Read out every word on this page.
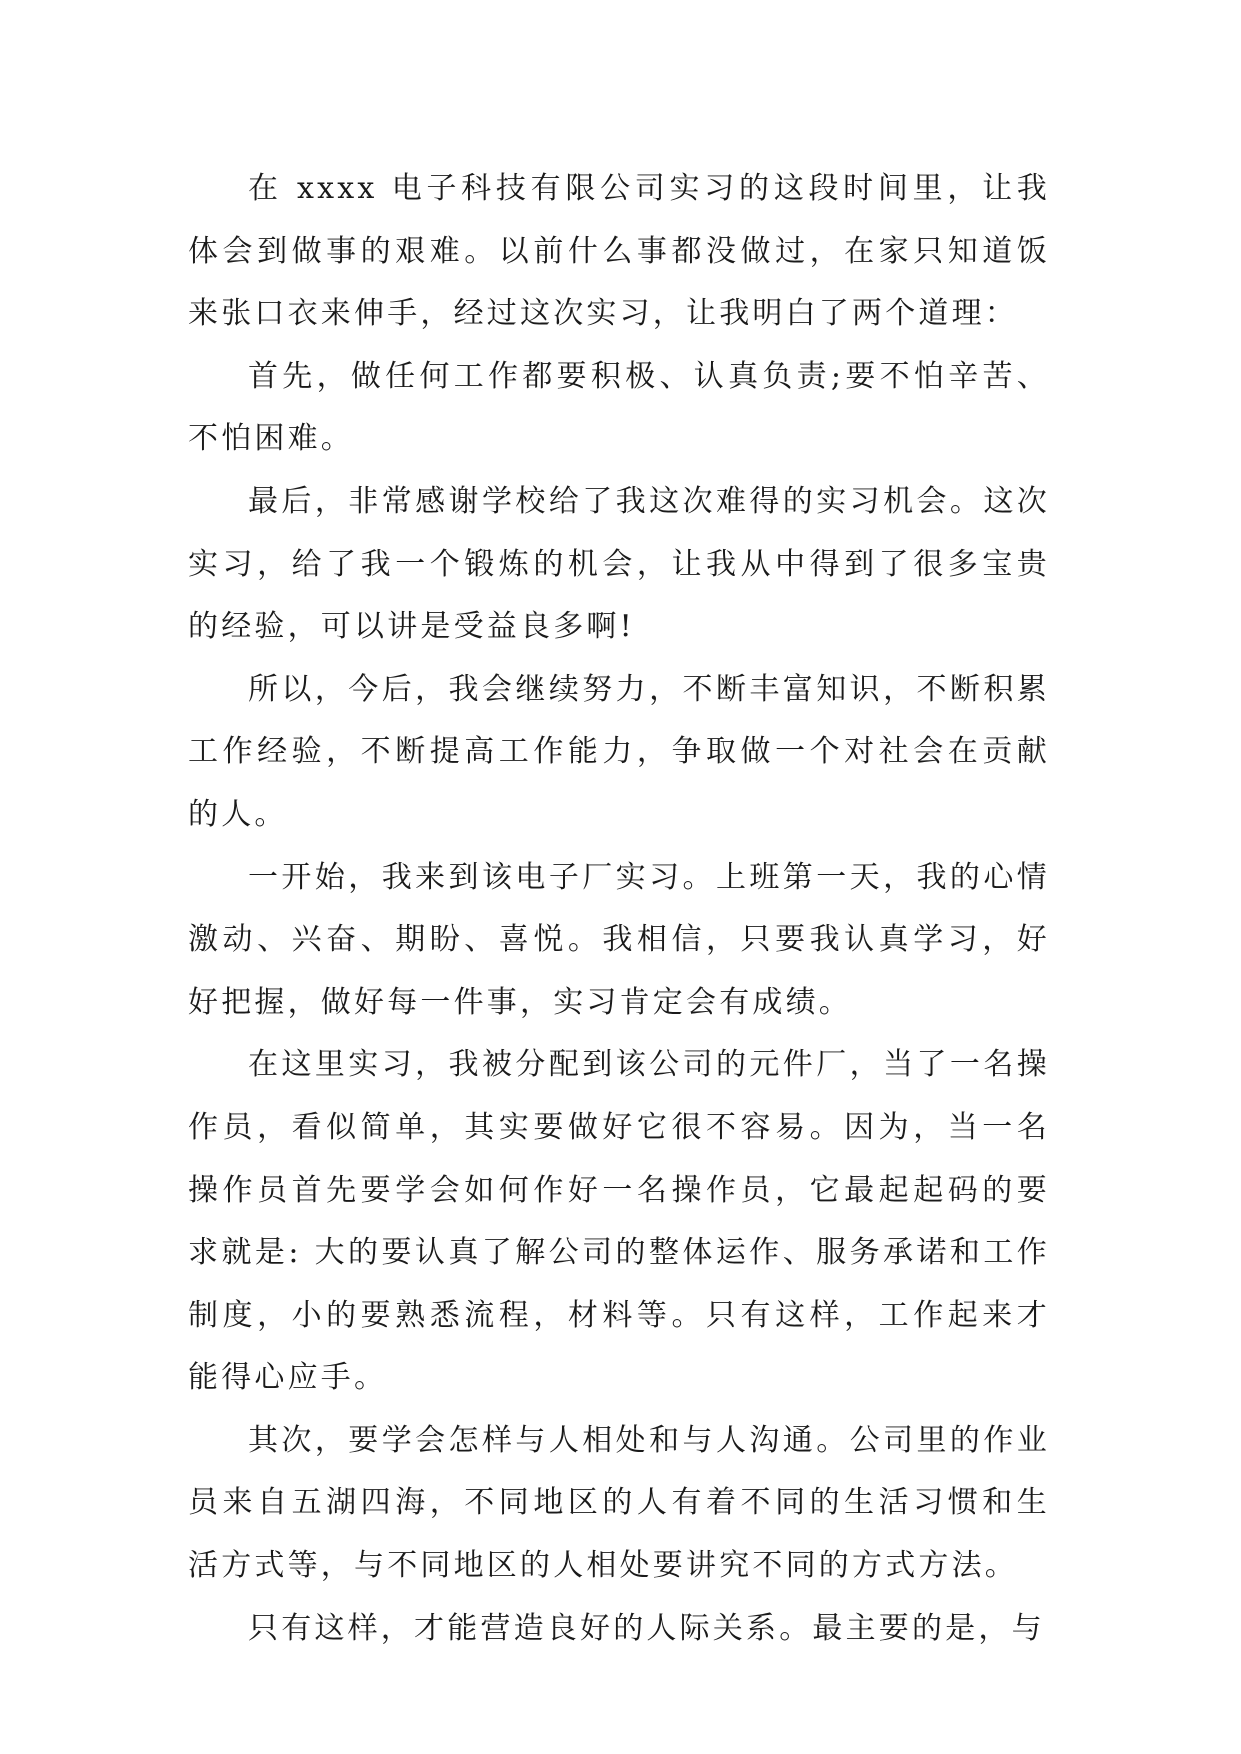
在 xxxx 电子科技有限公司实习的这段时间里，让我体会到做事的艰难。以前什么事都没做过，在家只知道饭来张口衣来伸手，经过这次实习，让我明白了两个道理：

首先，做任何工作都要积极、认真负责;要不怕辛苦、不怕困难。

最后，非常感谢学校给了我这次难得的实习机会。这次实习，给了我一个锻炼的机会，让我从中得到了很多宝贵的经验，可以讲是受益良多啊!

所以，今后，我会继续努力，不断丰富知识，不断积累工作经验，不断提高工作能力，争取做一个对社会在贡献的人。

一开始，我来到该电子厂实习。上班第一天，我的心情激动、兴奋、期盼、喜悦。我相信，只要我认真学习，好好把握，做好每一件事，实习肯定会有成绩。

在这里实习，我被分配到该公司的元件厂，当了一名操作员，看似简单，其实要做好它很不容易。因为，当一名操作员首先要学会如何作好一名操作员，它最起起码的要求就是: 大的要认真了解公司的整体运作、服务承诺和工作制度，小的要熟悉流程，材料等。只有这样，工作起来才能得心应手。

其次，要学会怎样与人相处和与人沟通。公司里的作业员来自五湖四海，不同地区的人有着不同的生活习惯和生活方式等，与不同地区的人相处要讲究不同的方式方法。

只有这样，才能营造良好的人际关系。最主要的是，与
